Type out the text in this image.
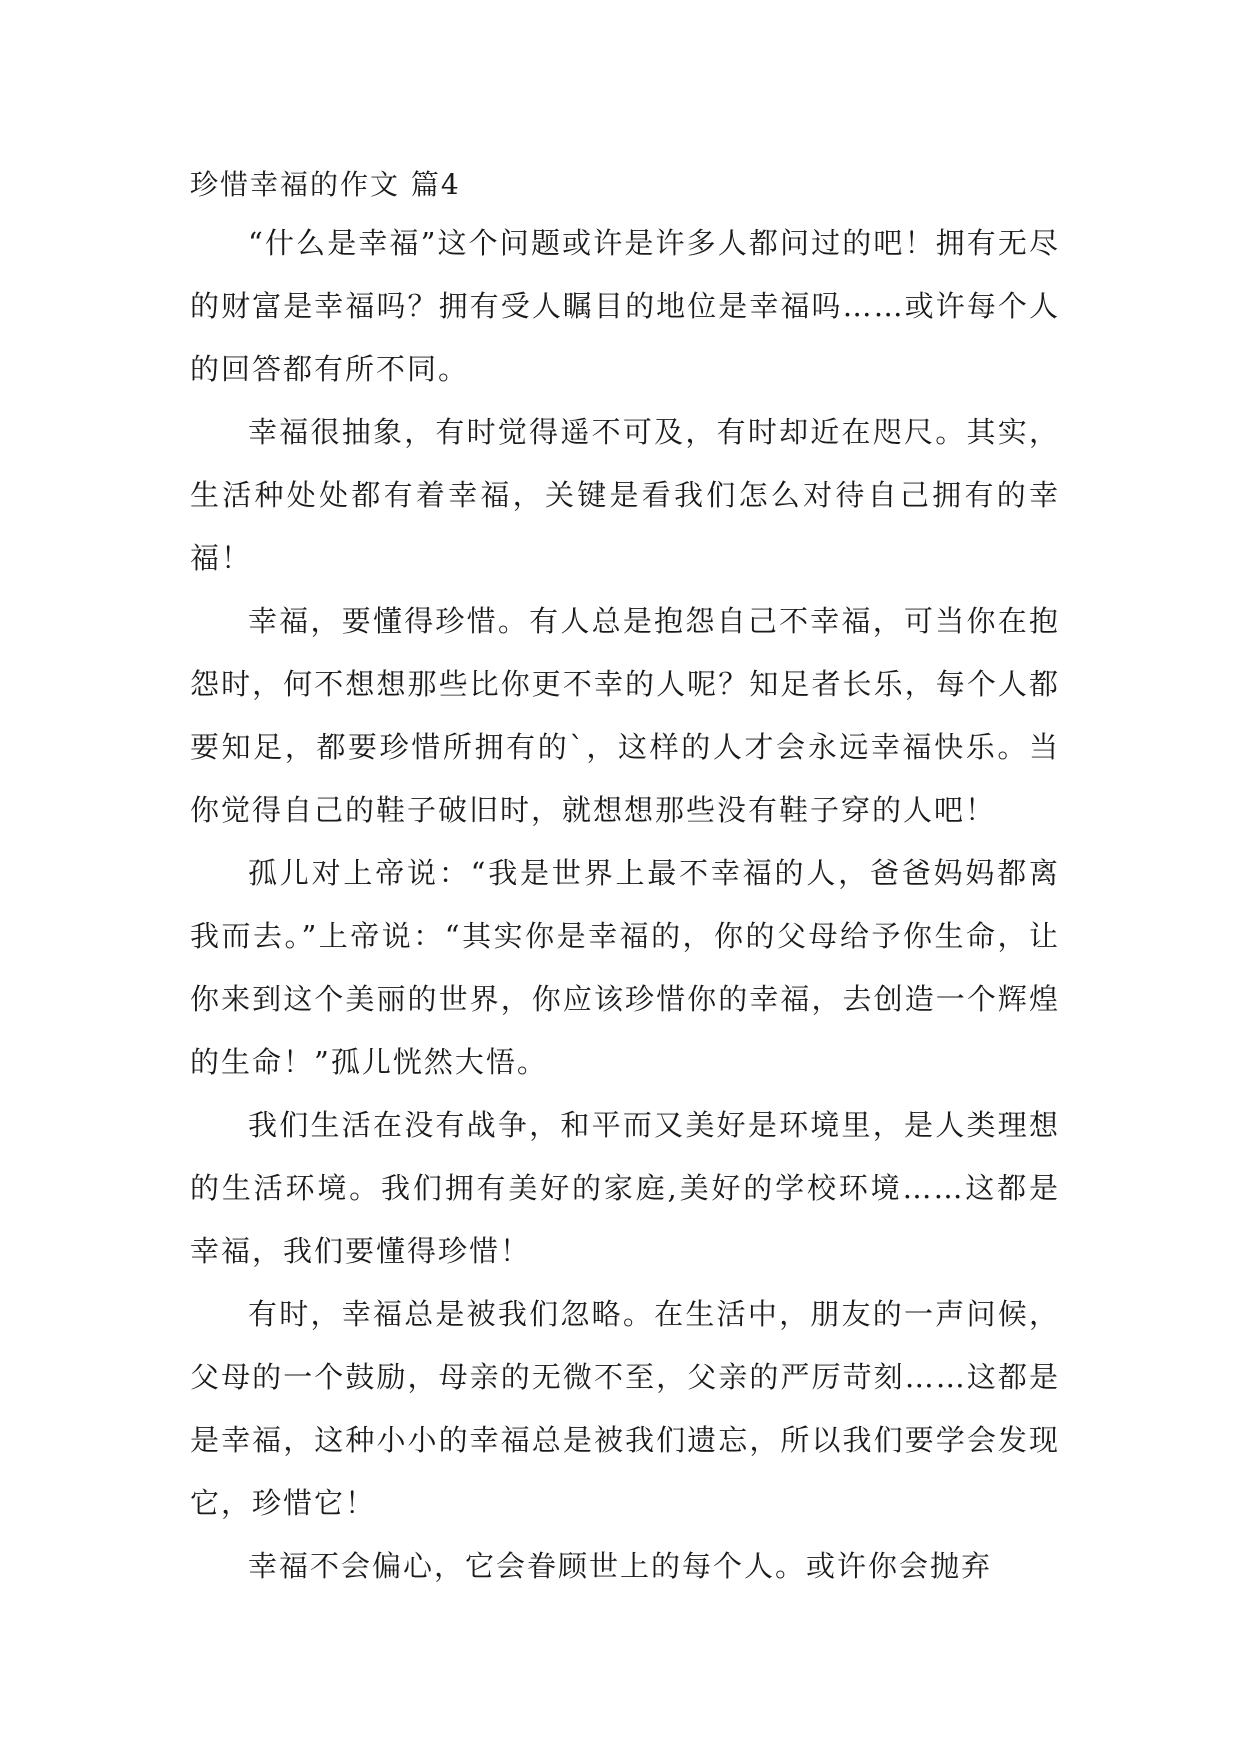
珍惜幸福的作文 篇4

“什么是幸福”这个问题或许是许多人都问过的吧！拥有无尽的财富是幸福吗？拥有受人瞩目的地位是幸福吗……或许每个人的回答都有所不同。

幸福很抽象，有时觉得遥不可及，有时却近在咫尺。其实，生活种处处都有着幸福，关键是看我们怎么对待自己拥有的幸福！

幸福，要懂得珍惜。有人总是抱怨自己不幸福，可当你在抱怨时，何不想想那些比你更不幸的人呢？知足者长乐，每个人都要知足，都要珍惜所拥有的`，这样的人才会永远幸福快乐。当你觉得自己的鞋子破旧时，就想想那些没有鞋子穿的人吧！

孤儿对上帝说：“我是世界上最不幸福的人，爸爸妈妈都离我而去。”上帝说：“其实你是幸福的，你的父母给予你生命，让你来到这个美丽的世界，你应该珍惜你的幸福，去创造一个辉煌的生命！”孤儿恍然大悟。

我们生活在没有战争，和平而又美好是环境里，是人类理想的生活环境。我们拥有美好的家庭,美好的学校环境……这都是幸福，我们要懂得珍惜！

有时，幸福总是被我们忽略。在生活中，朋友的一声问候，父母的一个鼓励，母亲的无微不至，父亲的严厉苛刻……这都是是幸福，这种小小的幸福总是被我们遗忘，所以我们要学会发现它，珍惜它！

幸福不会偏心，它会眷顾世上的每个人。或许你会抛弃
